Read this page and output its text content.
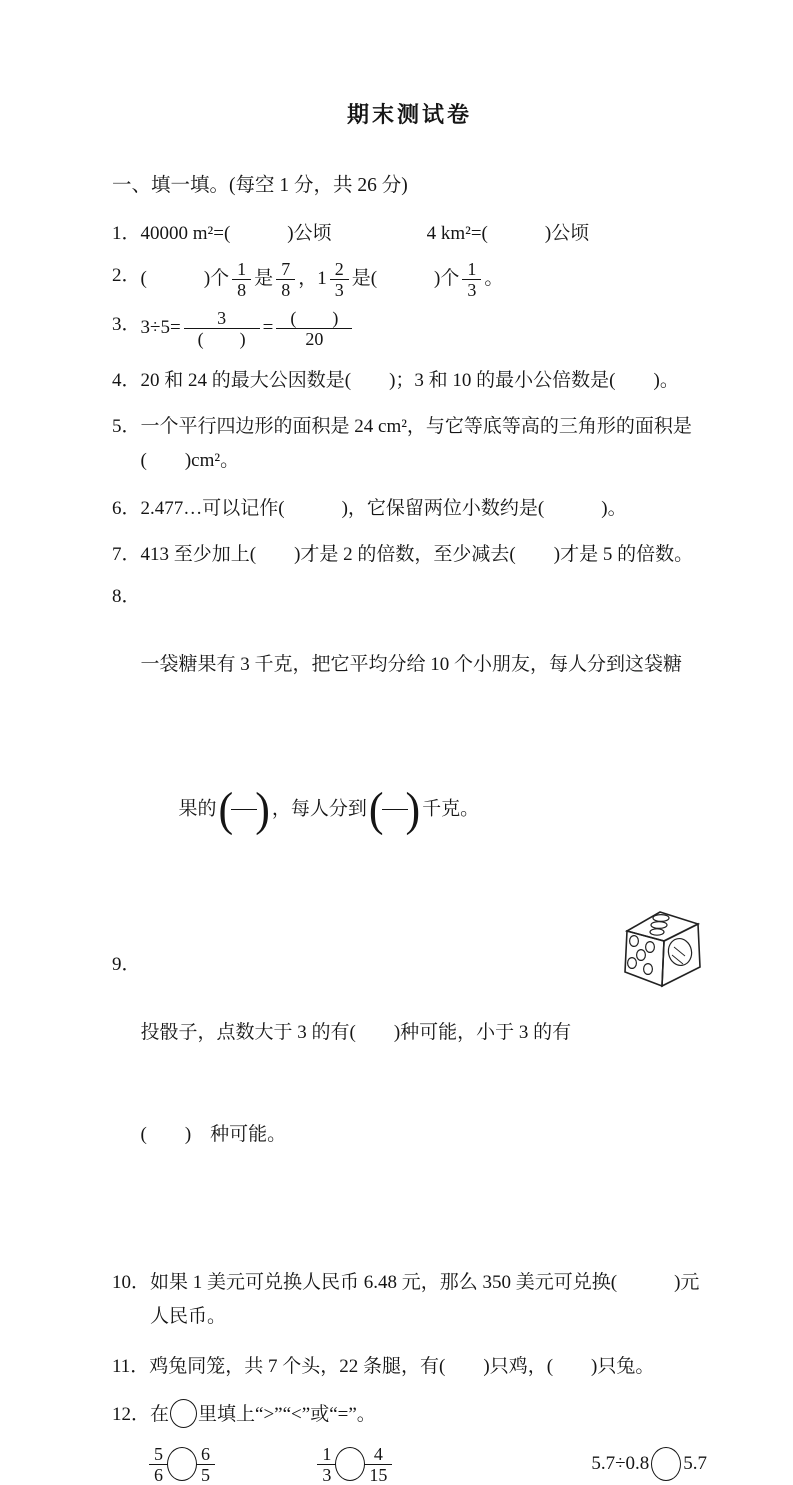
期末测试卷
一、填一填。(每空 1 分，共 26 分)
1． 40000 m²=(　　　)公顷　　　　　4 km²=(　　　)公顷
2． (　　　)个 $\frac{1}{8}$ 是 $\frac{7}{8}$ ，$1 \frac{2}{3}$ 是(　　　)个 $\frac{1}{3}$ 。
3． $3\div 5= \frac{3}{( )} = \frac{( )}{20}$
4． 20 和 24 的最大公因数是(　　)；3 和 10 的最小公倍数是(　　)。
5． 一个平行四边形的面积是 24 cm²，与它等底等高的三角形的面积是(　　)cm²。
6． 2.477…可以记作(　　　)，它保留两位小数约是(　　　)。
7． 413 至少加上(　　)才是 2 的倍数，至少减去(　　)才是 5 的倍数。
8．

一袋糖果有 3 千克，把它平均分给 10 个小朋友，每人分到这袋糖

果的 ( ) ，每人分到 ( ) 千克。

9．

投骰子，点数大于 3 的有(　　)种可能，小于 3 的有

(　　)　种可能。

10． 如果 1 美元可兑换人民币 6.48 元，那么 350 美元可兑换(　　　)元人民币。
11． 鸡兔同笼，共 7 个头，22 条腿，有(　　)只鸡，(　　)只兔。
12． 在 里填上“>”“<”或“=”。
$\frac{5}{6} \frac{6}{5}$	$\frac{1}{3} \frac{4}{15}$	5.7÷0.8 5.7
